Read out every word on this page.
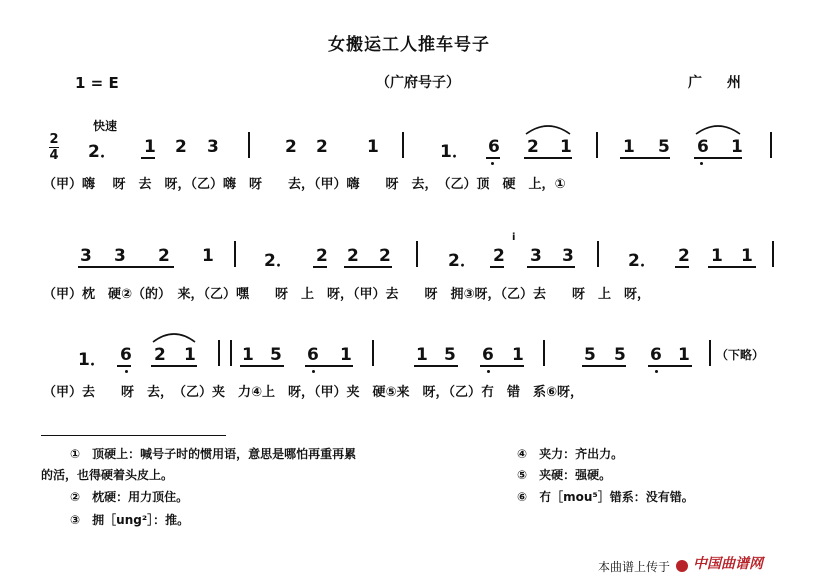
女搬运工人推车号子
1 = E	（广府号子）	广 州
快速
2
4 2． 1 2 3	2 2 1	1． 6 2 1	1 5 6 1
（甲）嗨　 呀　去　呀，（乙）嗨　呀　　去，（甲）嗨　　呀　去，　（乙）顶　硬　上，①
3 3 2 1	2． 2 2 2	2． 2 3 3	2． 2 1 1
i
（甲）枕　硬②（的）　来，（乙）嘿　　呀　上　呀，（甲）去　　呀　拥③呀，（乙）去　　呀　上　呀，
1． 6 2 1	1 5 6 1	1 5 6 1	5 5 6 1 （下略）
（甲）去　　呀　去，　（乙）夹　力④上　呀，（甲）夹　硬⑤来　呀，（乙）冇　错　系⑥呀，
①　顶硬上：喊号子时的惯用语，意思是哪怕再重再累
的活，也得硬着头皮上。
②　枕硬：用力顶住。
③　拥［ung²］：推。
④　夹力：齐出力。
⑤　夹硬：强硬。
⑥　冇［mou⁵］错系：没有错。
本曲谱上传于 中国曲谱网
